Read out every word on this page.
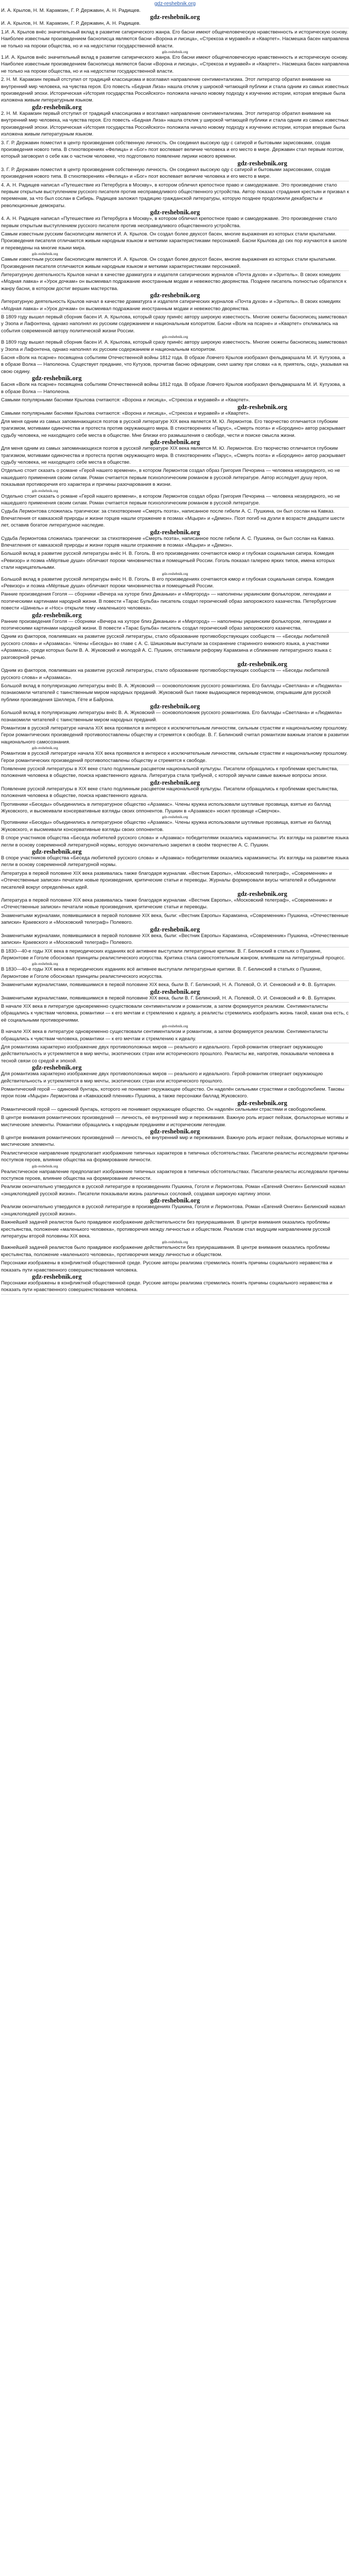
gdz-reshebnik.org

И. А. Крылов, Н. М. Карамзин, Г. Р. Державин, А. Н. Радищев.

gdz-reshebnik.org

И. А. Крылов, Н. М. Карамзин, Г. Р. Державин, А. Н. Радищев.

1.И. А. Крылов внёс значительный вклад в развитие сатирического жанра. Его басни имеют общечеловеческую нравственность и историческую основу. Наиболее известным произведением баснописца являются басни «Ворона и лисица», «Стрекоза и муравей» и «Квартет». Насмешка басен направлена не только на пороки общества, но и на недостатки государственной власти.

gdz-reshebnik.org

1.И. А. Крылов внёс значительный вклад в развитие сатирического жанра. Его басни имеют общечеловеческую нравственность и историческую основу. Наиболее известным произведением баснописца являются басни «Ворона и лисица», «Стрекоза и муравей» и «Квартет». Насмешка басен направлена не только на пороки общества, но и на недостатки государственной власти.

2. Н. М. Карамзин первый отступил от традиций классицизма и возглавил направление сентиментализма. Этот литератор обратил внимание на внутренний мир человека, на чувства героя. Его повесть «Бедная Лиза» нашла отклик у широкой читающей публики и стала одним из самых известных произведений эпохи. Историческая «История государства Российского» положила начало новому подходу к изучению истории, которая впервые была изложена живым литературным языком.

gdz-reshebnik.org

2. Н. М. Карамзин первый отступил от традиций классицизма и возглавил направление сентиментализма. Этот литератор обратил внимание на внутренний мир человека, на чувства героя. Его повесть «Бедная Лиза» нашла отклик у широкой читающей публики и стала одним из самых известных произведений эпохи. Историческая «История государства Российского» положила начало новому подходу к изучению истории, которая впервые была изложена живым литературным языком.

3. Г. Р. Державин поместил в центр произведения собственную личность. Он соединил высокую оду с сатирой и бытовыми зарисовками, создав произведения нового типа. В стихотворениях «Фелица» и «Бог» поэт воспевает величие человека и его место в мире. Державин стал первым поэтом, который заговорил о себе как о частном человеке, что подготовило появление лирики нового времени.

gdz-reshebnik.org

3. Г. Р. Державин поместил в центр произведения собственную личность. Он соединил высокую оду с сатирой и бытовыми зарисовками, создав произведения нового типа. В стихотворениях «Фелица» и «Бог» поэт воспевает величие человека и его место в мире.

4. А. Н. Радищев написал «Путешествие из Петербурга в Москву», в котором обличил крепостное право и самодержавие. Это произведение стало первым открытым выступлением русского писателя против несправедливого общественного устройства. Автор показал страдания крестьян и призвал к переменам, за что был сослан в Сибирь. Радищев заложил традицию гражданской литературы, которую позднее продолжили декабристы и революционные демократы.

gdz-reshebnik.org

4. А. Н. Радищев написал «Путешествие из Петербурга в Москву», в котором обличил крепостное право и самодержавие. Это произведение стало первым открытым выступлением русского писателя против несправедливого общественного устройства.

Самым известным русским баснописцем является И. А. Крылов. Он создал более двухсот басен, многие выражения из которых стали крылатыми. Произведения писателя отличаются живым народным языком и меткими характеристиками персонажей. Басни Крылова до сих пор изучаются в школе и переведены на многие языки мира.

gdz-reshebnik.org

Самым известным русским баснописцем является И. А. Крылов. Он создал более двухсот басен, многие выражения из которых стали крылатыми. Произведения писателя отличаются живым народным языком и меткими характеристиками персонажей.

Литературную деятельность Крылов начал в качестве драматурга и издателя сатирических журналов «Почта духов» и «Зритель». В своих комедиях «Модная лавка» и «Урок дочкам» он высмеивал подражание иностранным модам и невежество дворянства. Позднее писатель полностью обратился к жанру басни, в котором достиг вершин мастерства.

gdz-reshebnik.org

Литературную деятельность Крылов начал в качестве драматурга и издателя сатирических журналов «Почта духов» и «Зритель». В своих комедиях «Модная лавка» и «Урок дочкам» он высмеивал подражание иностранным модам и невежество дворянства.

В 1809 году вышел первый сборник басен И. А. Крылова, который сразу принёс автору широкую известность. Многие сюжеты баснописец заимствовал у Эзопа и Лафонтена, однако наполнял их русским содержанием и национальным колоритом. Басни «Волк на псарне» и «Квартет» откликались на события современной автору политической жизни России.

gdz-reshebnik.org

В 1809 году вышел первый сборник басен И. А. Крылова, который сразу принёс автору широкую известность. Многие сюжеты баснописец заимствовал у Эзопа и Лафонтена, однако наполнял их русским содержанием и национальным колоритом.

Басня «Волк на псарне» посвящена событиям Отечественной войны 1812 года. В образе Ловчего Крылов изобразил фельдмаршала М. И. Кутузова, а в образе Волка — Наполеона. Существует предание, что Кутузов, прочитав басню офицерам, снял шапку при словах «а я, приятель, сед», указывая на свою седину.

gdz-reshebnik.org

Басня «Волк на псарне» посвящена событиям Отечественной войны 1812 года. В образе Ловчего Крылов изобразил фельдмаршала М. И. Кутузова, а в образе Волка — Наполеона.

Самыми популярными баснями Крылова считаются: «Ворона и лисица», «Стрекоза и муравей» и «Квартет».

gdz-reshebnik.org

Самыми популярными баснями Крылова считаются: «Ворона и лисица», «Стрекоза и муравей» и «Квартет».

Для меня одним из самых запоминающихся поэтов в русской литературе XIX века является М. Ю. Лермонтов. Его творчество отличается глубоким трагизмом, мотивами одиночества и протеста против окружающего мира. В стихотворениях «Парус», «Смерть поэта» и «Бородино» автор раскрывает судьбу человека, не находящего себе места в обществе. Мне близки его размышления о свободе, чести и поиске смысла жизни.

gdz-reshebnik.org

Для меня одним из самых запоминающихся поэтов в русской литературе XIX века является М. Ю. Лермонтов. Его творчество отличается глубоким трагизмом, мотивами одиночества и протеста против окружающего мира. В стихотворениях «Парус», «Смерть поэта» и «Бородино» автор раскрывает судьбу человека, не находящего себе места в обществе.

Отдельно стоит сказать о романе «Герой нашего времени», в котором Лермонтов создал образ Григория Печорина — человека незаурядного, но не нашедшего применения своим силам. Роман считается первым психологическим романом в русской литературе. Автор исследует душу героя, показывая противоречия его характера и причины разочарования в жизни.

gdz-reshebnik.org

Отдельно стоит сказать о романе «Герой нашего времени», в котором Лермонтов создал образ Григория Печорина — человека незаурядного, но не нашедшего применения своим силам. Роман считается первым психологическим романом в русской литературе.

Судьба Лермонтова сложилась трагически: за стихотворение «Смерть поэта», написанное после гибели А. С. Пушкина, он был сослан на Кавказ. Впечатления от кавказской природы и жизни горцев нашли отражение в поэмах «Мцыри» и «Демон». Поэт погиб на дуэли в возрасте двадцати шести лет, оставив богатое литературное наследие.

gdz-reshebnik.org

Судьба Лермонтова сложилась трагически: за стихотворение «Смерть поэта», написанное после гибели А. С. Пушкина, он был сослан на Кавказ. Впечатления от кавказской природы и жизни горцев нашли отражение в поэмах «Мцыри» и «Демон».

Большой вклад в развитие русской литературы внёс Н. В. Гоголь. В его произведениях сочетаются юмор и глубокая социальная сатира. Комедия «Ревизор» и поэма «Мёртвые души» обличают пороки чиновничества и помещичьей России. Гоголь показал галерею ярких типов, имена которых стали нарицательными.

gdz-reshebnik.org

Большой вклад в развитие русской литературы внёс Н. В. Гоголь. В его произведениях сочетаются юмор и глубокая социальная сатира. Комедия «Ревизор» и поэма «Мёртвые души» обличают пороки чиновничества и помещичьей России.

Ранние произведения Гоголя — сборники «Вечера на хуторе близ Диканьки» и «Миргород» — наполнены украинским фольклором, легендами и поэтическими картинами народной жизни. В повести «Тарас Бульба» писатель создал героический образ запорожского казачества. Петербургские повести «Шинель» и «Нос» открыли тему «маленького человека».

gdz-reshebnik.org

Ранние произведения Гоголя — сборники «Вечера на хуторе близ Диканьки» и «Миргород» — наполнены украинским фольклором, легендами и поэтическими картинами народной жизни. В повести «Тарас Бульба» писатель создал героический образ запорожского казачества.

Одним из факторов, повлиявших на развитие русской литературы, стало образование противоборствующих сообществ — «Беседы любителей русского слова» и «Арзамаса». Члены «Беседы» во главе с А. С. Шишковым выступали за сохранение старинного книжного языка, а участники «Арзамаса», среди которых были В. А. Жуковский и молодой А. С. Пушкин, отстаивали реформу Карамзина и сближение литературного языка с разговорной речью.

gdz-reshebnik.org

Одним из факторов, повлиявших на развитие русской литературы, стало образование противоборствующих сообществ — «Беседы любителей русского слова» и «Арзамаса».

Большой вклад в популяризацию литературы внёс В. А. Жуковский — основоположник русского романтизма. Его баллады «Светлана» и «Людмила» познакомили читателей с таинственным миром народных преданий. Жуковский был также выдающимся переводчиком, открывшим для русской публики произведения Шиллера, Гёте и Байрона.

gdz-reshebnik.org

Большой вклад в популяризацию литературы внёс В. А. Жуковский — основоположник русского романтизма. Его баллады «Светлана» и «Людмила» познакомили читателей с таинственным миром народных преданий.

Романтизм в русской литературе начала XIX века проявился в интересе к исключительным личностям, сильным страстям и национальному прошлому. Герои романтических произведений противопоставлены обществу и стремятся к свободе. В. Г. Белинский считал романтизм важным этапом в развитии национального самосознания.

gdz-reshebnik.org

Романтизм в русской литературе начала XIX века проявился в интересе к исключительным личностям, сильным страстям и национальному прошлому. Герои романтических произведений противопоставлены обществу и стремятся к свободе.

Появление русской литературы в XIX веке стало подлинным расцветом национальной культуры. Писатели обращались к проблемам крестьянства, положения человека в обществе, поиска нравственного идеала. Литература стала трибуной, с которой звучали самые важные вопросы эпохи.

gdz-reshebnik.org

Появление русской литературы в XIX веке стало подлинным расцветом национальной культуры. Писатели обращались к проблемам крестьянства, положения человека в обществе, поиска нравственного идеала.

Противники «Беседы» объединились в литературное общество «Арзамас». Члены кружка использовали шутливые прозвища, взятые из баллад Жуковского, и высмеивали консервативные взгляды своих оппонентов. Пушкин в «Арзамасе» носил прозвище «Сверчок».

gdz-reshebnik.org

Противники «Беседы» объединились в литературное общество «Арзамас». Члены кружка использовали шутливые прозвища, взятые из баллад Жуковского, и высмеивали консервативные взгляды своих оппонентов.

В споре участников общества «Беседа любителей русского слова» и «Арзамас» победителями оказались карамзинисты. Их взгляды на развитие языка легли в основу современной литературной нормы, которую окончательно закрепил в своём творчестве А. С. Пушкин.

gdz-reshebnik.org

В споре участников общества «Беседа любителей русского слова» и «Арзамас» победителями оказались карамзинисты. Их взгляды на развитие языка легли в основу современной литературной нормы.

Литература в первой половине XIX века развивалась также благодаря журналам. «Вестник Европы», «Московский телеграф», «Современник» и «Отечественные записки» печатали новые произведения, критические статьи и переводы. Журналы формировали вкусы читателей и объединяли писателей вокруг определённых идей.

gdz-reshebnik.org

Литература в первой половине XIX века развивалась также благодаря журналам. «Вестник Европы», «Московский телеграф», «Современник» и «Отечественные записки» печатали новые произведения, критические статьи и переводы.

Знаменитыми журналами, появившимися в первой половине XIX века, были: «Вестник Европы» Карамзина, «Современник» Пушкина, «Отечественные записки» Краевского и «Московский телеграф» Полевого.

gdz-reshebnik.org

Знаменитыми журналами, появившимися в первой половине XIX века, были: «Вестник Европы» Карамзина, «Современник» Пушкина, «Отечественные записки» Краевского и «Московский телеграф» Полевого.

В 1830—40-е годы XIX века в периодических изданиях всё активнее выступали литературные критики. В. Г. Белинский в статьях о Пушкине, Лермонтове и Гоголе обосновал принципы реалистического искусства. Критика стала самостоятельным жанром, влиявшим на литературный процесс.

gdz-reshebnik.org

В 1830—40-е годы XIX века в периодических изданиях всё активнее выступали литературные критики. В. Г. Белинский в статьях о Пушкине, Лермонтове и Гоголе обосновал принципы реалистического искусства.

Знаменитыми журналистами, появившимися в первой половине XIX века, были В. Г. Белинский, Н. А. Полевой, О. И. Сенковский и Ф. В. Булгарин.

gdz-reshebnik.org

Знаменитыми журналистами, появившимися в первой половине XIX века, были В. Г. Белинский, Н. А. Полевой, О. И. Сенковский и Ф. В. Булгарин.

В начале XIX века в литературе одновременно существовали сентиментализм и романтизм, а затем формируется реализм. Сентименталисты обращались к чувствам человека, романтики — к его мечтам и стремлению к идеалу, а реалисты стремились изобразить жизнь такой, какая она есть, с её социальными противоречиями.

gdz-reshebnik.org

В начале XIX века в литературе одновременно существовали сентиментализм и романтизм, а затем формируется реализм. Сентименталисты обращались к чувствам человека, романтики — к его мечтам и стремлению к идеалу.

Для романтизма характерно изображение двух противоположных миров — реального и идеального. Герой-романтик отвергает окружающую действительность и устремляется в мир мечты, экзотических стран или исторического прошлого. Реалисты же, напротив, показывали человека в тесной связи со средой и эпохой.

gdz-reshebnik.org

Для романтизма характерно изображение двух противоположных миров — реального и идеального. Герой-романтик отвергает окружающую действительность и устремляется в мир мечты, экзотических стран или исторического прошлого.

Романтический герой — одинокий бунтарь, которого не понимает окружающее общество. Он наделён сильными страстями и свободолюбием. Таковы герои поэм «Мцыри» Лермонтова и «Кавказский пленник» Пушкина, а также персонажи баллад Жуковского.

gdz-reshebnik.org

Романтический герой — одинокий бунтарь, которого не понимает окружающее общество. Он наделён сильными страстями и свободолюбием.

В центре внимания романтических произведений — личность, её внутренний мир и переживания. Важную роль играют пейзаж, фольклорные мотивы и мистические элементы. Романтики обращались к народным преданиям и историческим легендам.

gdz-reshebnik.org

В центре внимания романтических произведений — личность, её внутренний мир и переживания. Важную роль играют пейзаж, фольклорные мотивы и мистические элементы.

Реалистическое направление предполагает изображение типичных характеров в типичных обстоятельствах. Писатели-реалисты исследовали причины поступков героев, влияние общества на формирование личности.

gdz-reshebnik.org

Реалистическое направление предполагает изображение типичных характеров в типичных обстоятельствах. Писатели-реалисты исследовали причины поступков героев, влияние общества на формирование личности.

Реализм окончательно утвердился в русской литературе в произведениях Пушкина, Гоголя и Лермонтова. Роман «Евгений Онегин» Белинский назвал «энциклопедией русской жизни». Писатели показывали жизнь различных сословий, создавая широкую картину эпохи.

gdz-reshebnik.org

Реализм окончательно утвердился в русской литературе в произведениях Пушкина, Гоголя и Лермонтова. Роман «Евгений Онегин» Белинский назвал «энциклопедией русской жизни».

Важнейшей задачей реалистов было правдивое изображение действительности без приукрашивания. В центре внимания оказались проблемы крестьянства, положение «маленького человека», противоречия между личностью и обществом. Реализм стал ведущим направлением русской литературы второй половины XIX века.

gdz-reshebnik.org

Важнейшей задачей реалистов было правдивое изображение действительности без приукрашивания. В центре внимания оказались проблемы крестьянства, положение «маленького человека», противоречия между личностью и обществом.

Персонажи изображены в конфликтной общественной среде. Русские авторы реализма стремились понять причины социального неравенства и показать пути нравственного совершенствования человека.

gdz-reshebnik.org

Персонажи изображены в конфликтной общественной среде. Русские авторы реализма стремились понять причины социального неравенства и показать пути нравственного совершенствования человека.
